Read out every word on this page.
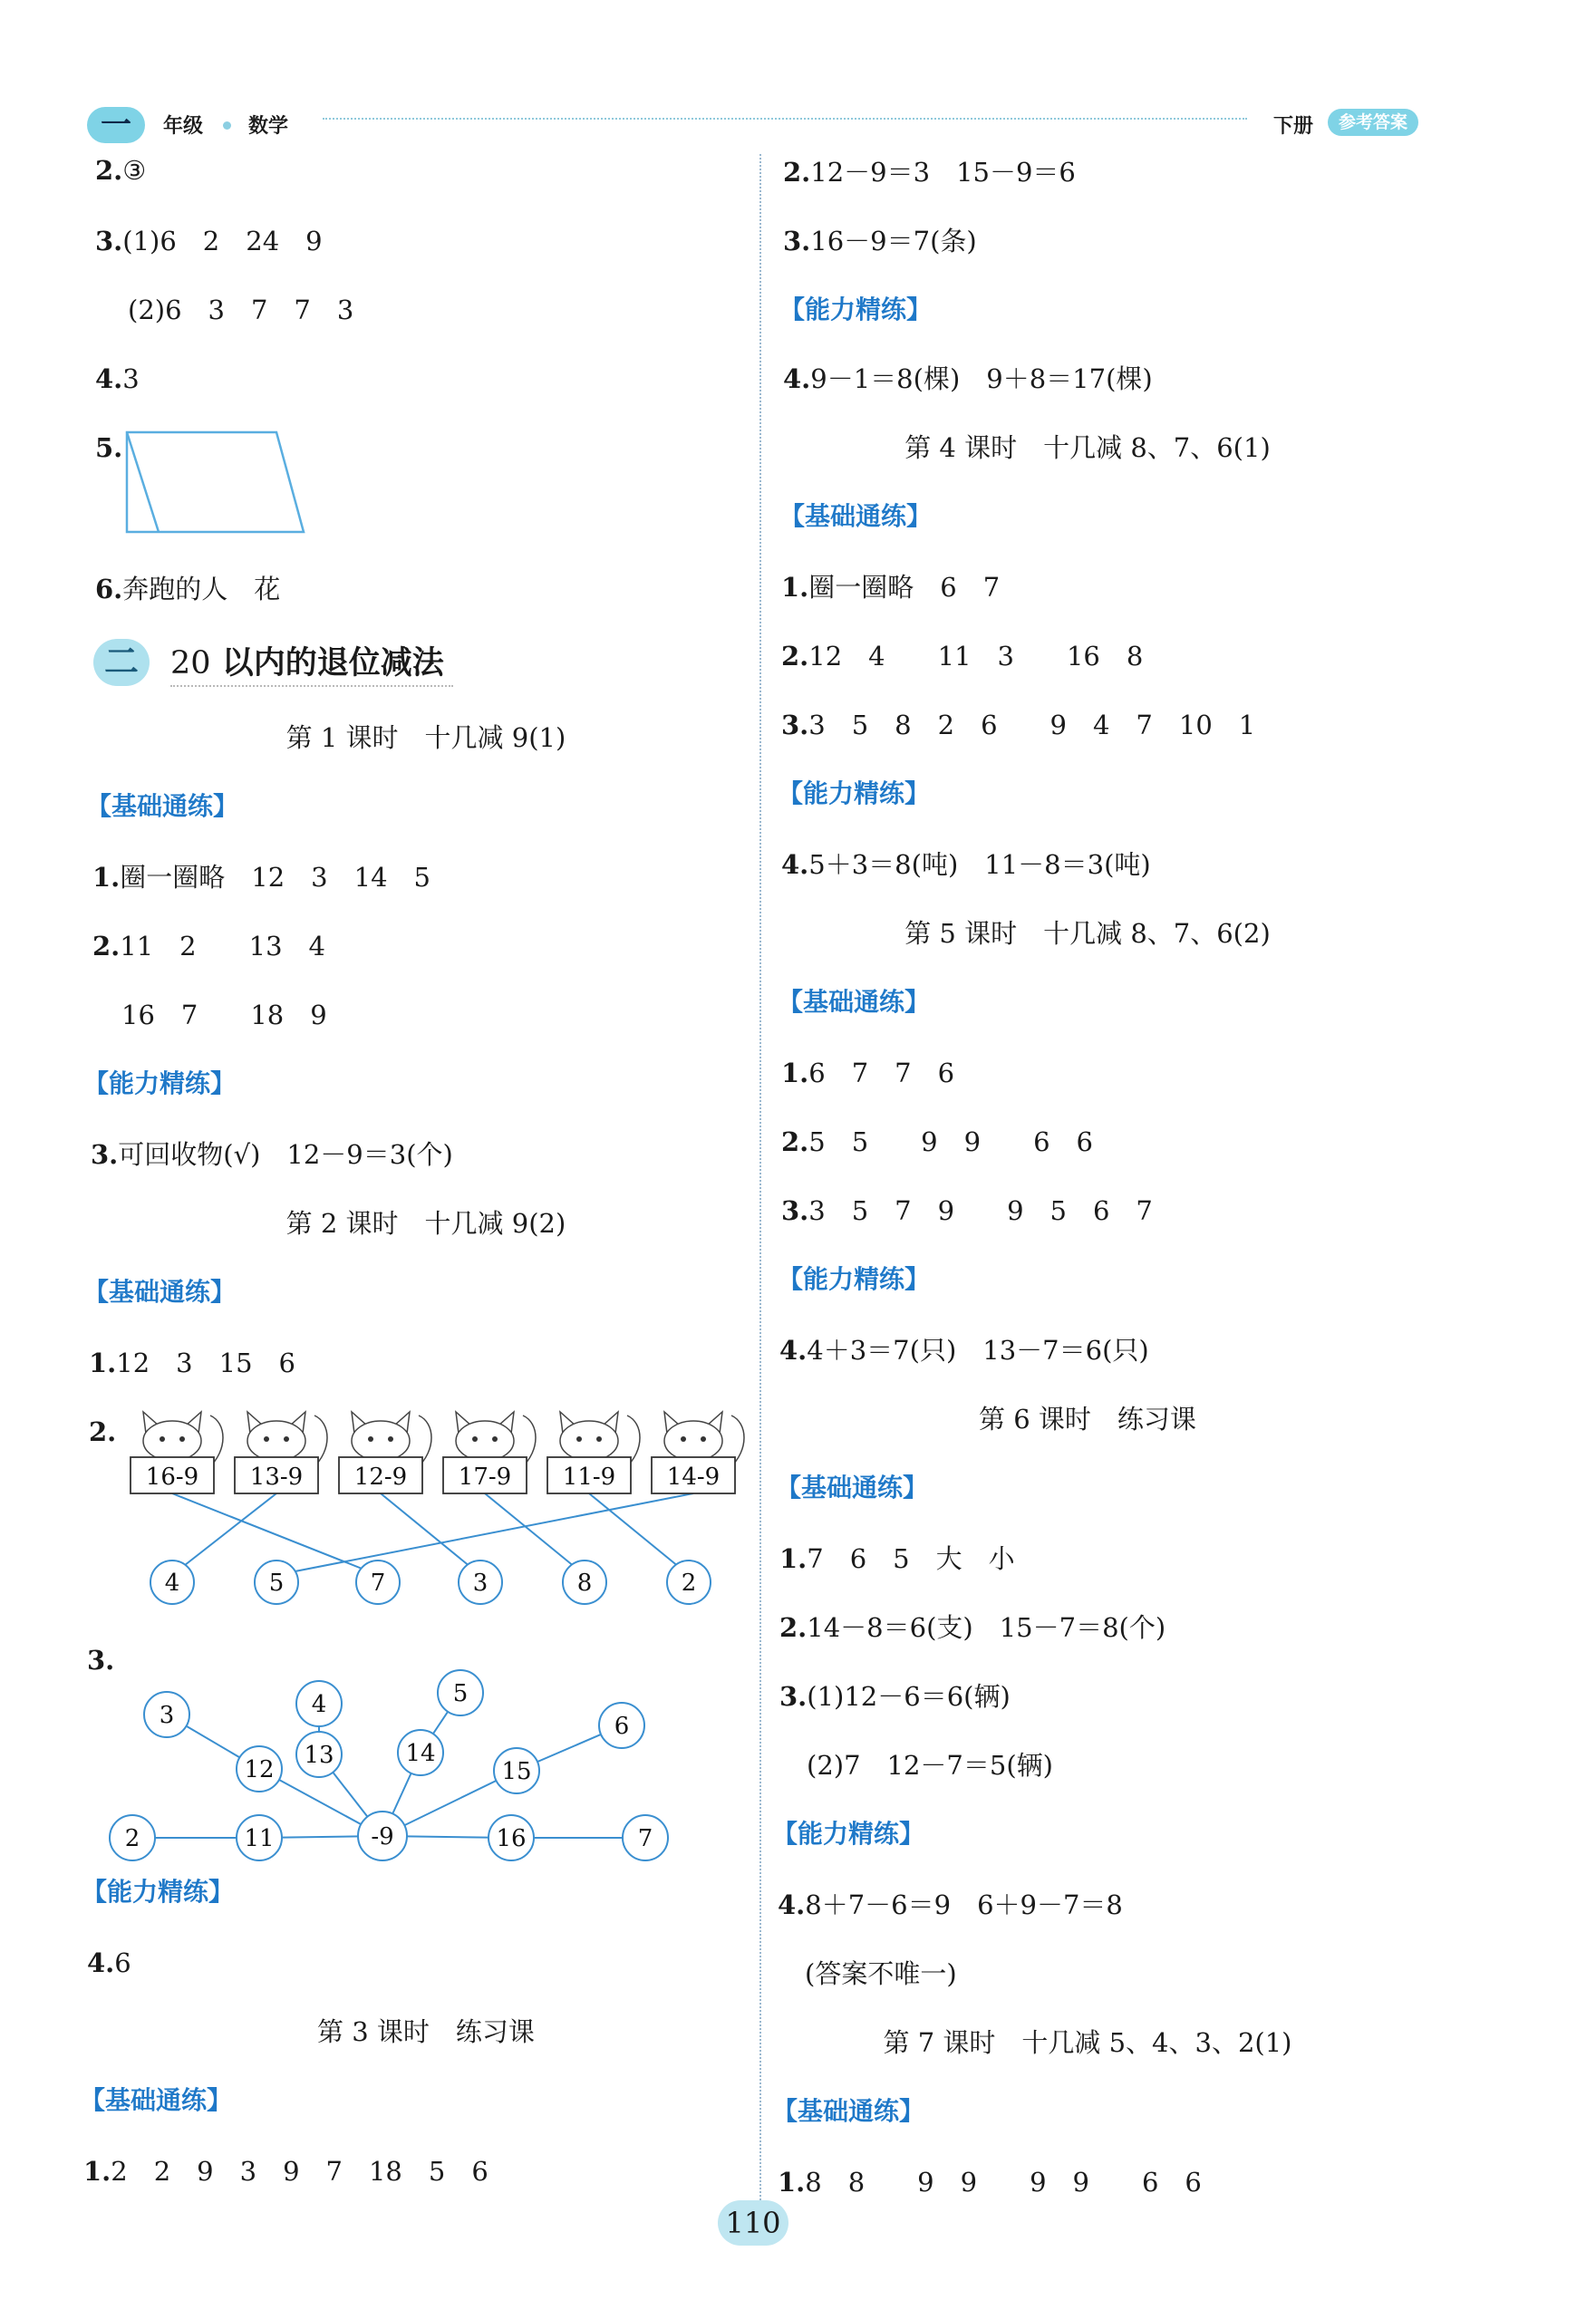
一	年级 数学	下册	参考答案
2.③
3.(1)6　2　24　9
(2)6　3　7　7　3
4.3
5.
6.奔跑的人　花
二	20 以内的退位减法
第 1 课时　十几减 9(1)
【基础通练】
1.圈一圈略　12　3　14　5
2.11　2　　13　4
16　7　　18　9
【能力精练】
3.可回收物(√)　12－9＝3(个)
第 2 课时　十几减 9(2)
【基础通练】
1.12　3　15　6
2.
16-9 13-9 12-9 17-9 11-9 14-9
4	5	7	3	8	2
3.
-9
12
13	14
15
11	16
3	4	5
6
2	7
【能力精练】
4.6
第 3 课时　练习课
【基础通练】
1.2　2　9　3　9　7　18　5　6
2.12－9＝3　15－9＝6
3.16－9＝7(条)
【能力精练】
4.9－1＝8(棵)　9＋8＝17(棵)
第 4 课时　十几减 8、7、6(1)
【基础通练】
1.圈一圈略　6　7
2.12　4　　11　3　　16　8
3.3　5　8　2　6　　9　4　7　10　1
【能力精练】
4.5＋3＝8(吨)　11－8＝3(吨)
第 5 课时　十几减 8、7、6(2)
【基础通练】
1.6　7　7　6
2.5　5　　9　9　　6　6
3.3　5　7　9　　9　5　6　7
【能力精练】
4.4＋3＝7(只)　13－7＝6(只)
第 6 课时　练习课
【基础通练】
1.7　6　5　大　小
2.14－8＝6(支)　15－7＝8(个)
3.(1)12－6＝6(辆)
(2)7　12－7＝5(辆)
【能力精练】
4.8＋7－6＝9　6＋9－7＝8
(答案不唯一)
第 7 课时　十几减 5、4、3、2(1)
【基础通练】
1.8　8　　9　9　　9　9　　6　6
110
